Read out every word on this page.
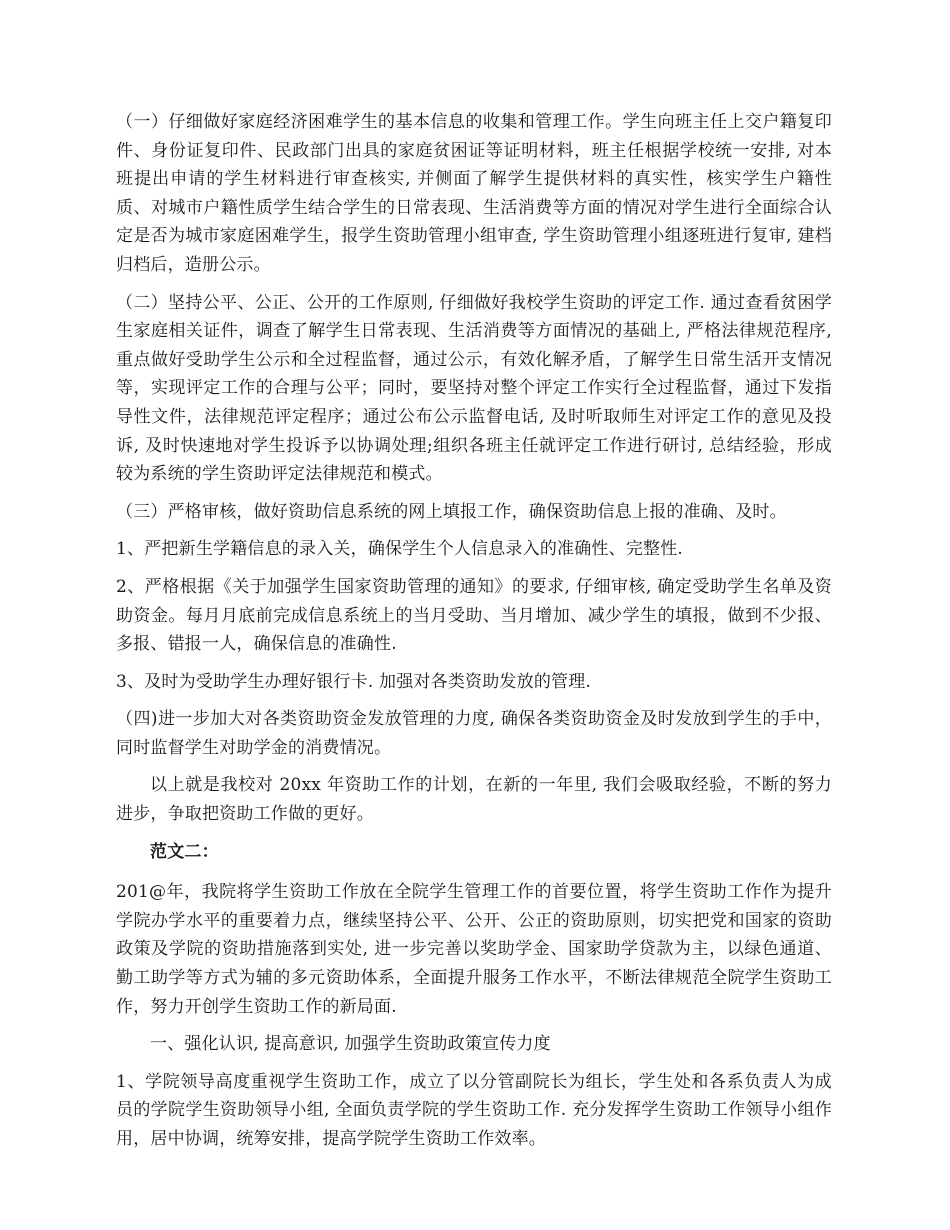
（一）仔细做好家庭经济困难学生的基本信息的收集和管理工作。学生向班主任上交户籍复印件、身份证复印件、民政部门出具的家庭贫困证等证明材料，班主任根据学校统一安排, 对本班提出申请的学生材料进行审查核实, 并侧面了解学生提供材料的真实性，核实学生户籍性质、对城市户籍性质学生结合学生的日常表现、生活消费等方面的情况对学生进行全面综合认定是否为城市家庭困难学生，报学生资助管理小组审查, 学生资助管理小组逐班进行复审, 建档归档后，造册公示。

（二）坚持公平、公正、公开的工作原则, 仔细做好我校学生资助的评定工作. 通过查看贫困学生家庭相关证件，调查了解学生日常表现、生活消费等方面情况的基础上, 严格法律规范程序, 重点做好受助学生公示和全过程监督，通过公示，有效化解矛盾，了解学生日常生活开支情况等，实现评定工作的合理与公平；同时，要坚持对整个评定工作实行全过程监督，通过下发指导性文件，法律规范评定程序；通过公布公示监督电话, 及时听取师生对评定工作的意见及投诉, 及时快速地对学生投诉予以协调处理;组织各班主任就评定工作进行研讨, 总结经验，形成较为系统的学生资助评定法律规范和模式。

（三）严格审核，做好资助信息系统的网上填报工作，确保资助信息上报的准确、及时。

1、严把新生学籍信息的录入关，确保学生个人信息录入的准确性、完整性.

2、严格根据《关于加强学生国家资助管理的通知》的要求, 仔细审核, 确定受助学生名单及资助资金。每月月底前完成信息系统上的当月受助、当月增加、减少学生的填报，做到不少报、多报、错报一人，确保信息的准确性.

3、及时为受助学生办理好银行卡. 加强对各类资助发放的管理.

（四)进一步加大对各类资助资金发放管理的力度, 确保各类资助资金及时发放到学生的手中，同时监督学生对助学金的消费情况。

以上就是我校对 20xx 年资助工作的计划，在新的一年里, 我们会吸取经验，不断的努力进步，争取把资助工作做的更好。

范文二：

201@年，我院将学生资助工作放在全院学生管理工作的首要位置，将学生资助工作作为提升学院办学水平的重要着力点，继续坚持公平、公开、公正的资助原则，切实把党和国家的资助政策及学院的资助措施落到实处, 进一步完善以奖助学金、国家助学贷款为主，以绿色通道、勤工助学等方式为辅的多元资助体系，全面提升服务工作水平，不断法律规范全院学生资助工作，努力开创学生资助工作的新局面.

一、强化认识, 提高意识, 加强学生资助政策宣传力度

1、学院领导高度重视学生资助工作，成立了以分管副院长为组长，学生处和各系负责人为成员的学院学生资助领导小组, 全面负责学院的学生资助工作. 充分发挥学生资助工作领导小组作用，居中协调，统筹安排，提高学院学生资助工作效率。
